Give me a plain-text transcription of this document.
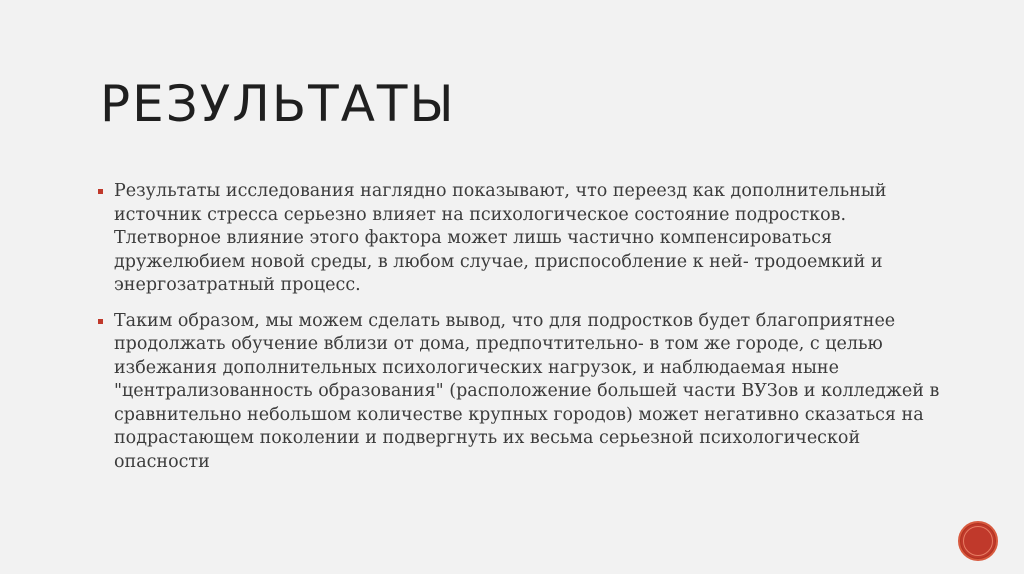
РЕЗУЛЬТАТЫ
Результаты исследования наглядно показывают, что переезд как дополнительный источник стресса серьезно влияет на психологическое состояние подростков. Тлетворное влияние этого фактора может лишь частично компенсироваться дружелюбием новой среды, в любом случае, приспособление к ней- тродоемкий и энергозатратный процесс.
Таким образом, мы можем сделать вывод, что для подростков будет благоприятнее продолжать обучение вблизи от дома, предпочтительно- в том же городе, с целью избежания дополнительных психологических нагрузок, и наблюдаемая ныне "централизованность образования" (расположение большей части ВУЗов и колледжей в сравнительно небольшом количестве крупных городов) может негативно сказаться на подрастающем поколении и подвергнуть их весьма серьезной психологической опасности
